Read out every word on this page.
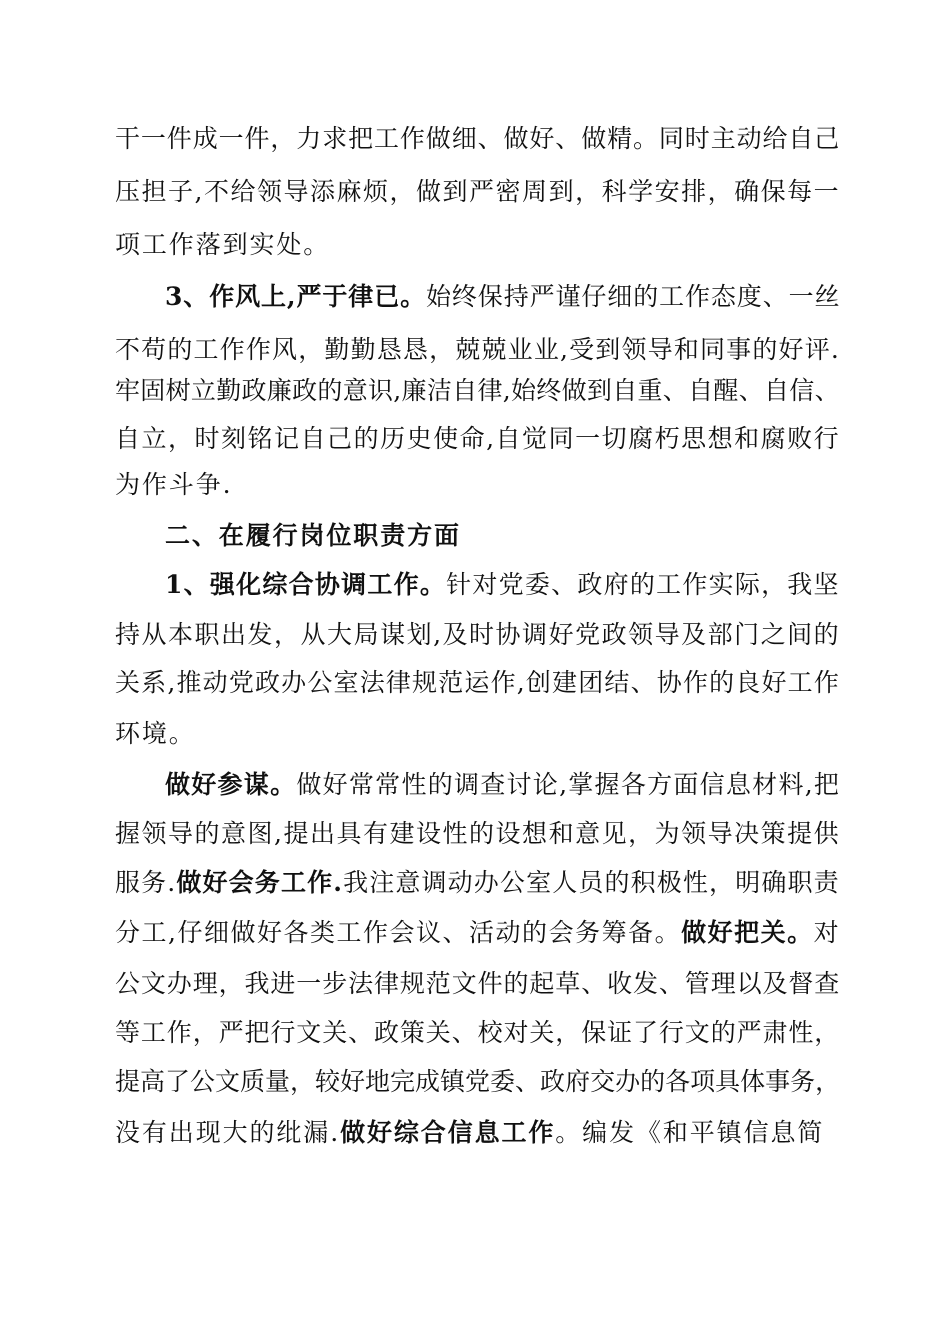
干一件成一件，力求把工作做细、做好、做精。同时主动给自己
压担子,不给领导添麻烦，做到严密周到，科学安排，确保每一
项工作落到实处。
3、作风上,严于律已。始终保持严谨仔细的工作态度、一丝
不苟的工作作风，勤勤恳恳，兢兢业业,受到领导和同事的好评.
牢固树立勤政廉政的意识,廉洁自律,始终做到自重、自醒、自信、
自立，时刻铭记自己的历史使命,自觉同一切腐朽思想和腐败行
为作斗争.
二、在履行岗位职责方面
1、强化综合协调工作。针对党委、政府的工作实际，我坚
持从本职出发，从大局谋划,及时协调好党政领导及部门之间的
关系,推动党政办公室法律规范运作,创建团结、协作的良好工作
环境。
做好参谋。做好常常性的调查讨论,掌握各方面信息材料,把
握领导的意图,提出具有建设性的设想和意见，为领导决策提供
服务.做好会务工作.我注意调动办公室人员的积极性，明确职责
分工,仔细做好各类工作会议、活动的会务筹备。做好把关。对
公文办理，我进一步法律规范文件的起草、收发、管理以及督查
等工作，严把行文关、政策关、校对关，保证了行文的严肃性，
提高了公文质量，较好地完成镇党委、政府交办的各项具体事务，
没有出现大的纰漏.做好综合信息工作。编发《和平镇信息简
